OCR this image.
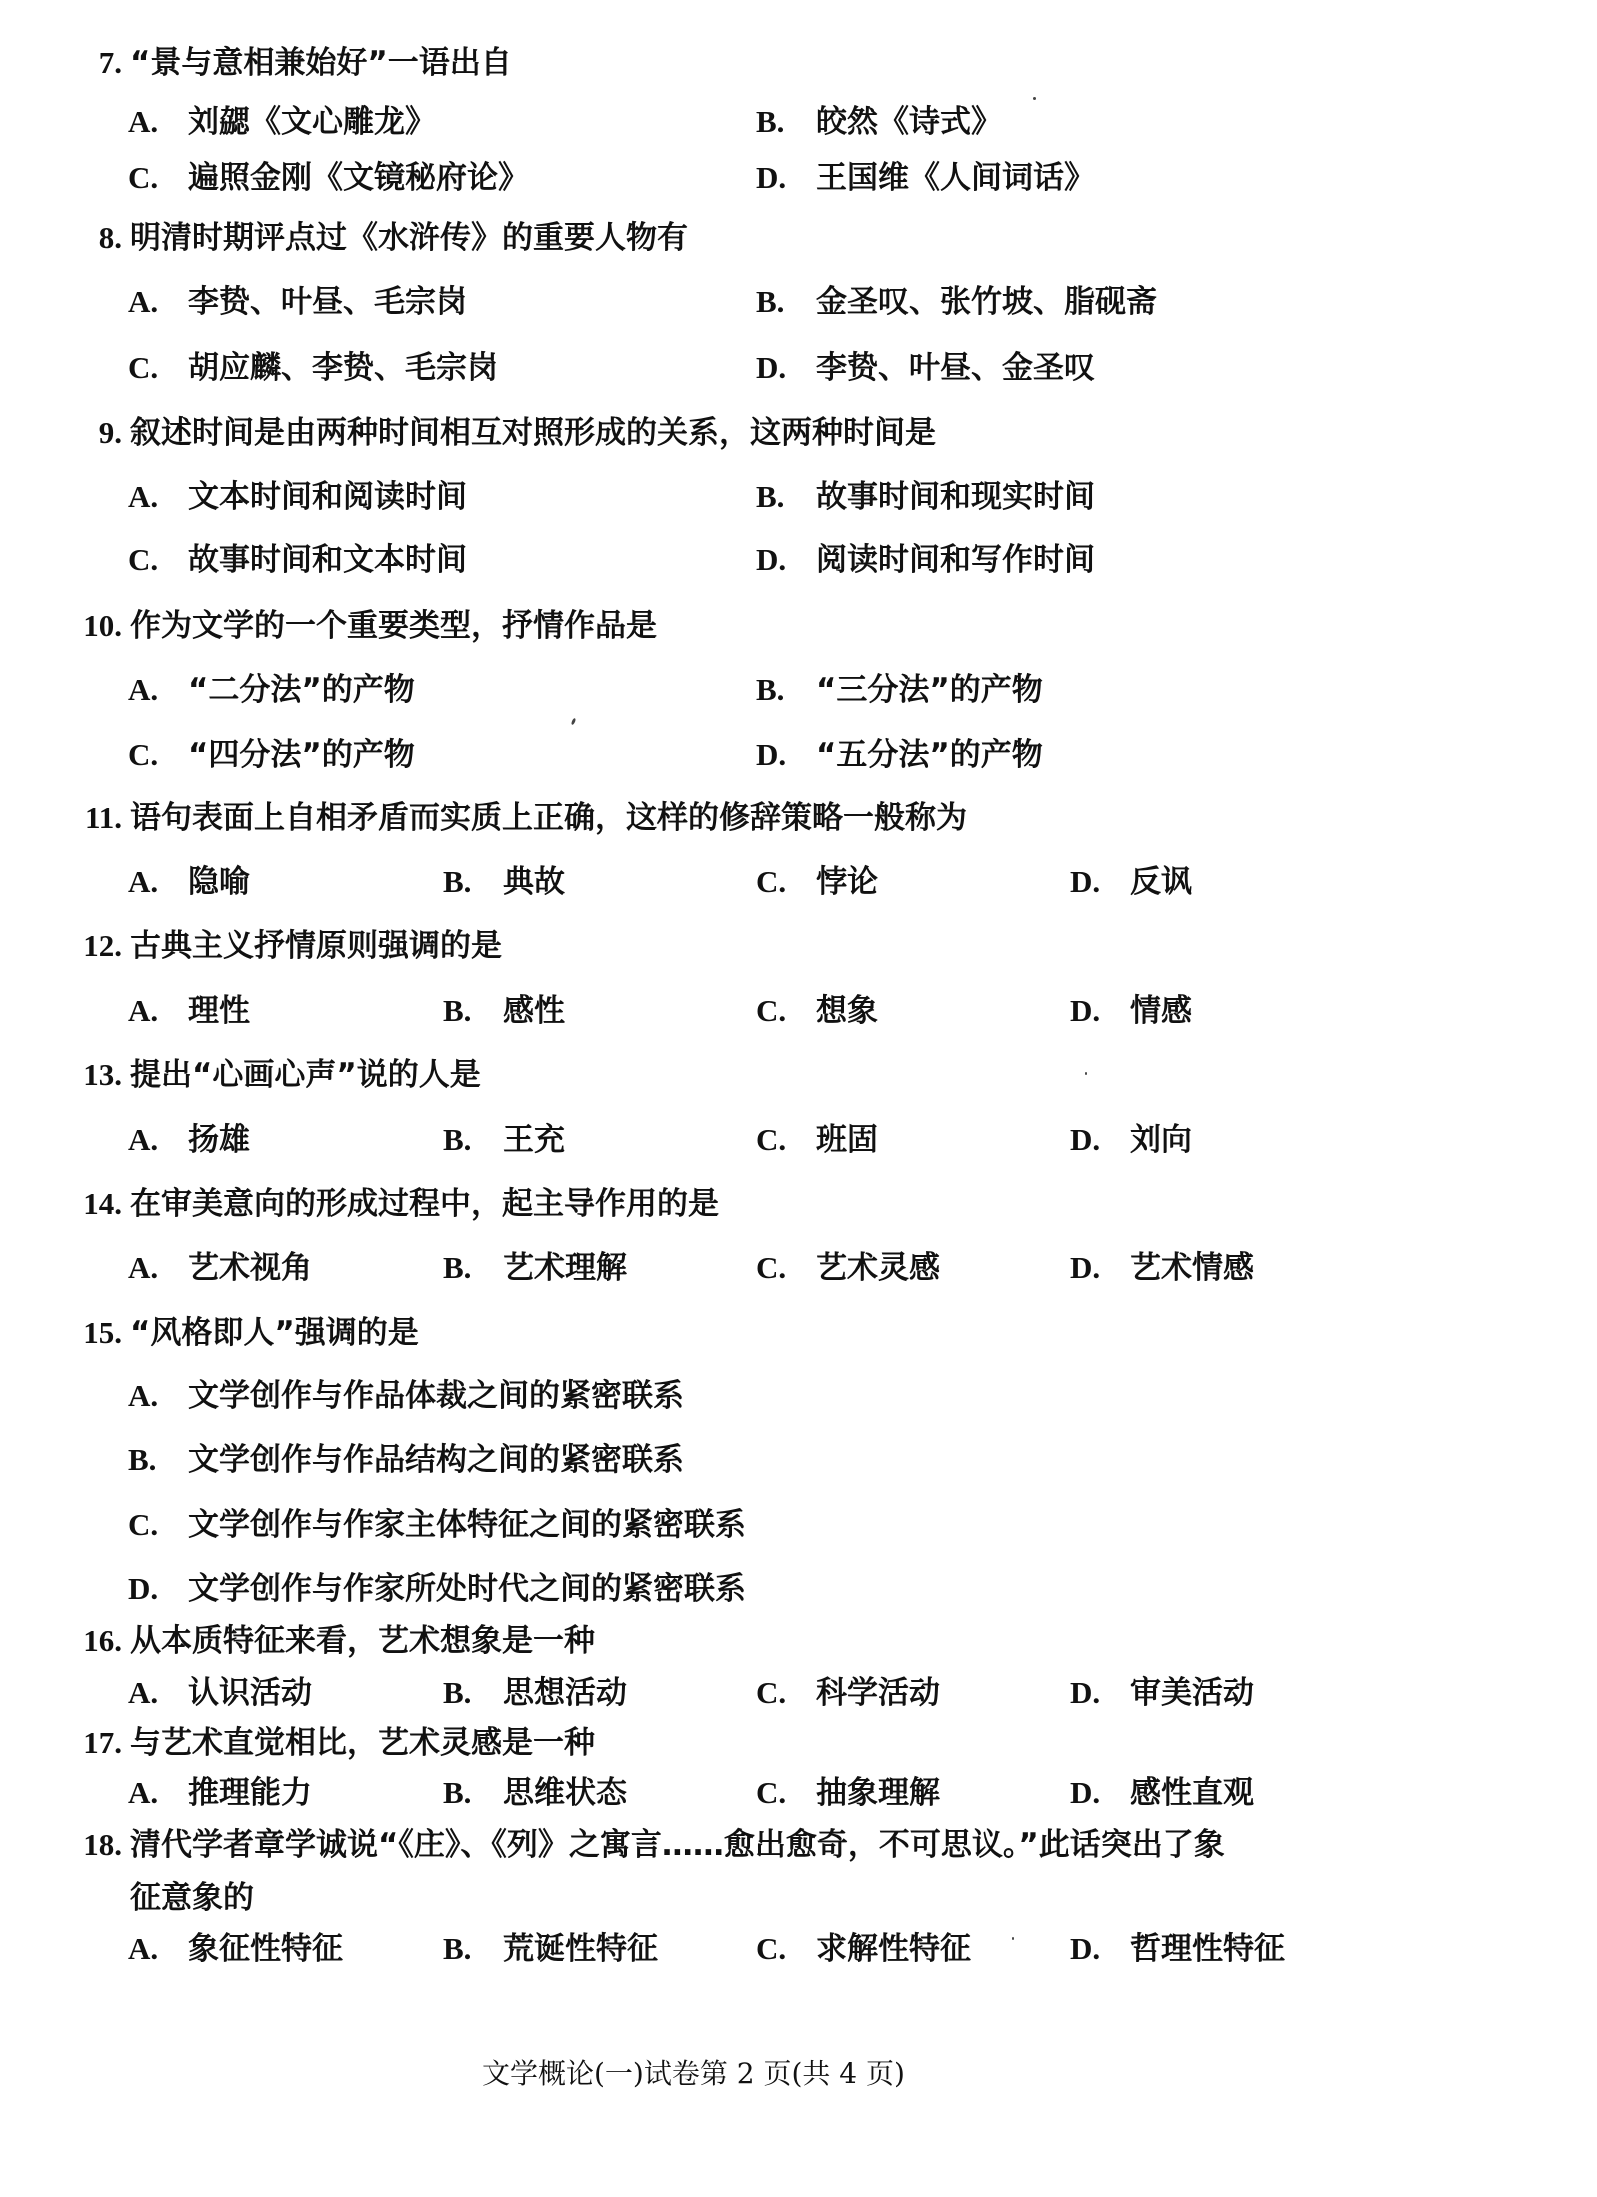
7. “景与意相兼始好”一语出自
A. 刘勰《文心雕龙》	B. 皎然《诗式》
C. 遍照金刚《文镜秘府论》	D. 王国维《人间词话》
8. 明清时期评点过《水浒传》的重要人物有
A. 李贽、叶昼、毛宗岗	B. 金圣叹、张竹坡、脂砚斋
C. 胡应麟、李贽、毛宗岗	D. 李贽、叶昼、金圣叹
9. 叙述时间是由两种时间相互对照形成的关系，这两种时间是
A. 文本时间和阅读时间	B. 故事时间和现实时间
C. 故事时间和文本时间	D. 阅读时间和写作时间
10. 作为文学的一个重要类型，抒情作品是
A. “二分法”的产物	B. “三分法”的产物
C. “四分法”的产物	D. “五分法”的产物
11. 语句表面上自相矛盾而实质上正确，这样的修辞策略一般称为
A. 隐喻	B. 典故	C. 悖论	D. 反讽
12. 古典主义抒情原则强调的是
A. 理性	B. 感性	C. 想象	D. 情感
13. 提出“心画心声”说的人是
A. 扬雄	B. 王充	C. 班固	D. 刘向
14. 在审美意向的形成过程中，起主导作用的是
A. 艺术视角	B. 艺术理解	C. 艺术灵感	D. 艺术情感
15. “风格即人”强调的是
A. 文学创作与作品体裁之间的紧密联系
B. 文学创作与作品结构之间的紧密联系
C. 文学创作与作家主体特征之间的紧密联系
D. 文学创作与作家所处时代之间的紧密联系
16. 从本质特征来看，艺术想象是一种
A. 认识活动	B. 思想活动	C. 科学活动	D. 审美活动
17. 与艺术直觉相比，艺术灵感是一种
A. 推理能力	B. 思维状态	C. 抽象理解	D. 感性直观
18. 清代学者章学诚说“《庄》、《列》之寓言……愈出愈奇，不可思议。”此话突出了象
征意象的
A. 象征性特征	B. 荒诞性特征	C. 求解性特征	D. 哲理性特征
文学概论(一)试卷第 2 页(共 4 页)
